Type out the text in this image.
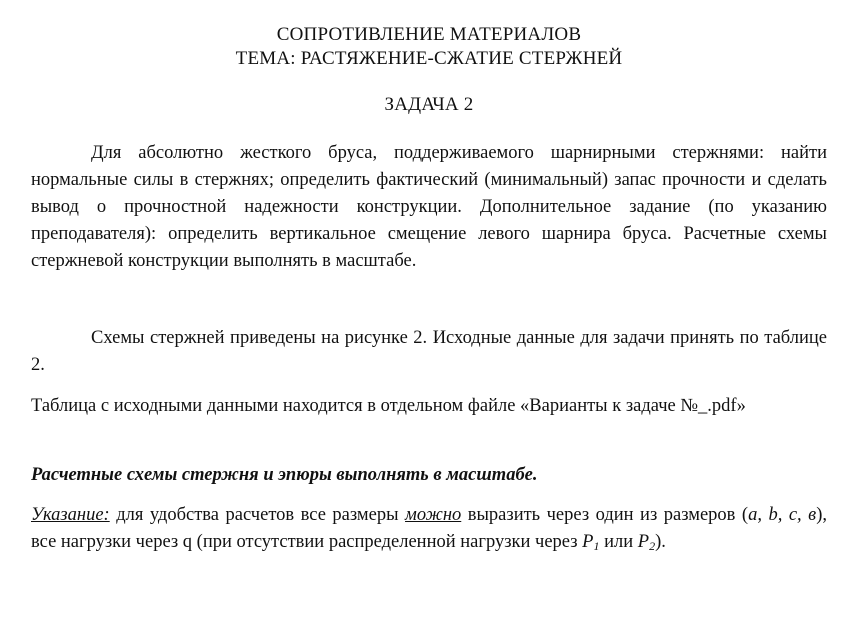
СОПРОТИВЛЕНИЕ МАТЕРИАЛОВ
ТЕМА: РАСТЯЖЕНИЕ-СЖАТИЕ СТЕРЖНЕЙ
ЗАДАЧА 2

Для абсолютно жесткого бруса, поддерживаемого шарнирными стержнями: найти нормальные силы в стержнях; определить фактический (минимальный) запас прочности и сделать вывод о прочностной надежности конструкции. Дополнительное задание (по указанию преподавателя): определить вертикальное смещение левого шарнира бруса. Расчетные схемы стержневой конструкции выполнять в масштабе.

Схемы стержней приведены на рисунке 2. Исходные данные для задачи принять по таблице 2.

Таблица с исходными данными находится в отдельном файле «Варианты к задаче №_.pdf»

Расчетные схемы стержня и эпюры выполнять в масштабе.

Указание: для удобства расчетов все размеры можно выразить через один из размеров (a, b, c, в), все нагрузки через q (при отсутствии распределенной нагрузки через $P_1$ или $P_2$).
